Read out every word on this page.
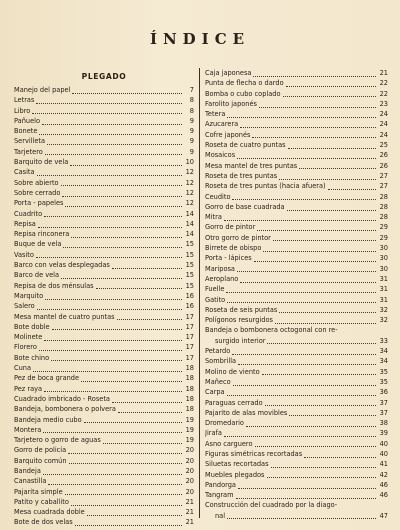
ÍNDICE
PLEGADO
Manejo del papel	7
Letras	8
Libro	8
Pañuelo	9
Bonete	9
Servilleta	9
Tarjetero	9
Barquito de vela	10
Casita	12
Sobre abierto	12
Sobre cerrado	12
Porta - papeles	12
Cuadrito	14
Repisa	14
Repisa rinconera	14
Buque de vela	15
Vasito	15
Barco con velas desplegadas	15
Barco de vela	15
Repisa de dos ménsulas	15
Marquito	16
Salero	16
Mesa mantel de cuatro puntas	17
Bote doble	17
Molinete	17
Florero	17
Bote chino	17
Cuna	18
Pez de boca grande	18
Pez raya	18
Cuadrado imbricado - Roseta	18
Bandeja, bombonera o polvera	18
Bandeja medio cubo	19
Montera	19
Tarjetero o gorro de aguas	19
Gorro de policía	20
Barquito común	20
Bandeja	20
Canastilla	20
Pajarita simple	20
Patito y caballito	21
Mesa cuadrada doble	21
Bote de dos velas	21
Caja japonesa	21
Punta de flecha o dardo	22
Bomba o cubo coplado	22
Farolito japonés	23
Tetera	24
Azucarera	24
Cofre japonés	24
Roseta de cuatro puntas	25
Mosaicos	26
Mesa mantel de tres puntas	26
Roseta de tres puntas	27
Roseta de tres puntas (hacia afuera)	27
Ceudito	28
Gorro de base cuadrada	28
Mitra	28
Gorro de pintor	29
Otro gorro de pintor	29
Birrete de obispo	30
Porta - lápices	30
Mariposa	30
Aeroplano	31
Fuelle	31
Gatito	31
Roseta de seis puntas	32
Polígonos resurgidos	32
Bandeja o bombonera octogonal con re-
surgido interior	33
Petardo	34
Sombrilla	34
Molino de viento	35
Mañeco	35
Carpa	36
Paraguas cerrado	37
Pajarito de alas movibles	37
Dromedario	38
Jirafa	39
Asno carguero	40
Figuras simétricas recortadas	40
Siluetas recortadas	41
Muebles plegados	42
Pandorga	46
Tangram	46
Construcción del cuadrado por la diago-
nal	47
